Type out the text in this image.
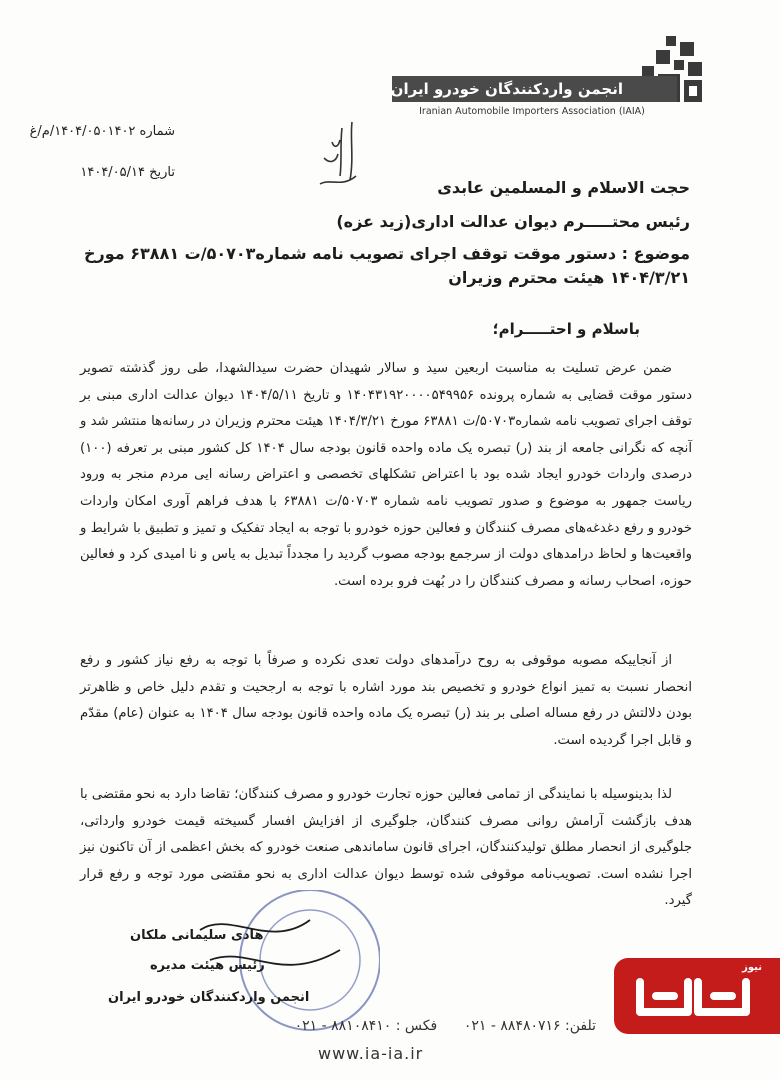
انجمن واردکنندگان خودرو ایران
Iranian Automobile Importers Association (IAIA)
شماره ۱۴۰۴/۰۵۰۱۴۰۲/م/غ
تاریخ ۱۴۰۴/۰۵/۱۴
حجت الاسلام و المسلمین عابدی
رئیس محتـــــرم دیوان عدالت اداری(زید عزه)
موضوع : دستور موقت توقف اجرای تصویب نامه شماره۵۰۷۰۳/ت ۶۳۸۸۱ مورخ ۱۴۰۴/۳/۲۱ هیئت محترم وزیران
باسلام و احتـــــرام؛
ضمن عرض تسلیت به مناسبت اربعین سید و سالار شهیدان حضرت سیدالشهدا، طی روز گذشته تصویر دستور موقت قضایی به شماره پرونده ۱۴۰۴۳۱۹۲۰۰۰۰۵۴۹۹۵۶ و تاریخ ۱۴۰۴/۵/۱۱ دیوان عدالت اداری مبنی بر توقف اجرای تصویب نامه شماره۵۰۷۰۳/ت ۶۳۸۸۱ مورخ ۱۴۰۴/۳/۲۱ هیئت محترم وزیران در رسانه‌ها منتشر شد و آنچه که نگرانی جامعه از بند (ر) تبصره یک ماده واحده قانون بودجه سال ۱۴۰۴ کل کشور مبنی بر تعرفه (۱۰۰) درصدی واردات خودرو ایجاد شده بود با اعتراض تشکلهای تخصصی و اعتراض رسانه ایی مردم منجر به ورود ریاست جمهور به موضوع و صدور تصویب نامه شماره ۵۰۷۰۳/ت ۶۳۸۸۱ با هدف فراهم آوری امکان واردات خودرو و رفع دغدغه‌های مصرف کنندگان و فعالین حوزه خودرو با توجه به ایجاد تفکیک و تمیز و تطبیق با شرایط و واقعیت‌ها و لحاظ درامدهای دولت از سرجمع بودجه مصوب گردید را مجدداً تبدیل به یاس و نا امیدی کرد و فعالین حوزه، اصحاب رسانه و مصرف کنندگان را در بُهت فرو برده است.
از آنجاییکه مصوبه موقوفی به روح درآمدهای دولت تعدی نکرده و صرفاً با توجه به رفع نیاز کشور و رفع انحصار نسبت به تمیز انواع خودرو و تخصیص بند مورد اشاره با توجه به ارجحیت و تقدم دلیل خاص و ظاهرتر بودن دلالتش در رفع مساله اصلی بر بند (ر) تبصره یک ماده واحده قانون بودجه سال ۱۴۰۴ به عنوان (عام) مقدّم و قابل اجرا گردیده است.
لذا بدینوسیله با نمایندگی از تمامی فعالین حوزه تجارت خودرو و مصرف کنندگان؛ تقاضا دارد به نحو مقتضی با هدف بازگشت آرامش روانی مصرف کنندگان، جلوگیری از افزایش افسار گسیخته قیمت خودرو وارداتی، جلوگیری از انحصار مطلق تولیدکنندگان، اجرای قانون ساماندهی صنعت خودرو که بخش اعظمی از آن تاکنون نیز اجرا نشده است. تصویب‌نامه موقوفی شده توسط دیوان عدالت اداری به نحو مقتضی مورد توجه و رفع قرار گیرد.
هادی سلیمانی ملکان
رئیس هیئت مدیره
انجمن واردکنندگان خودرو ایران
تلفن: ۸۸۴۸۰۷۱۶ - ۰۲۱      فکس : ۸۸۱۰۸۴۱۰ - ۰۲۱
www.ia-ia.ir
نیوز
